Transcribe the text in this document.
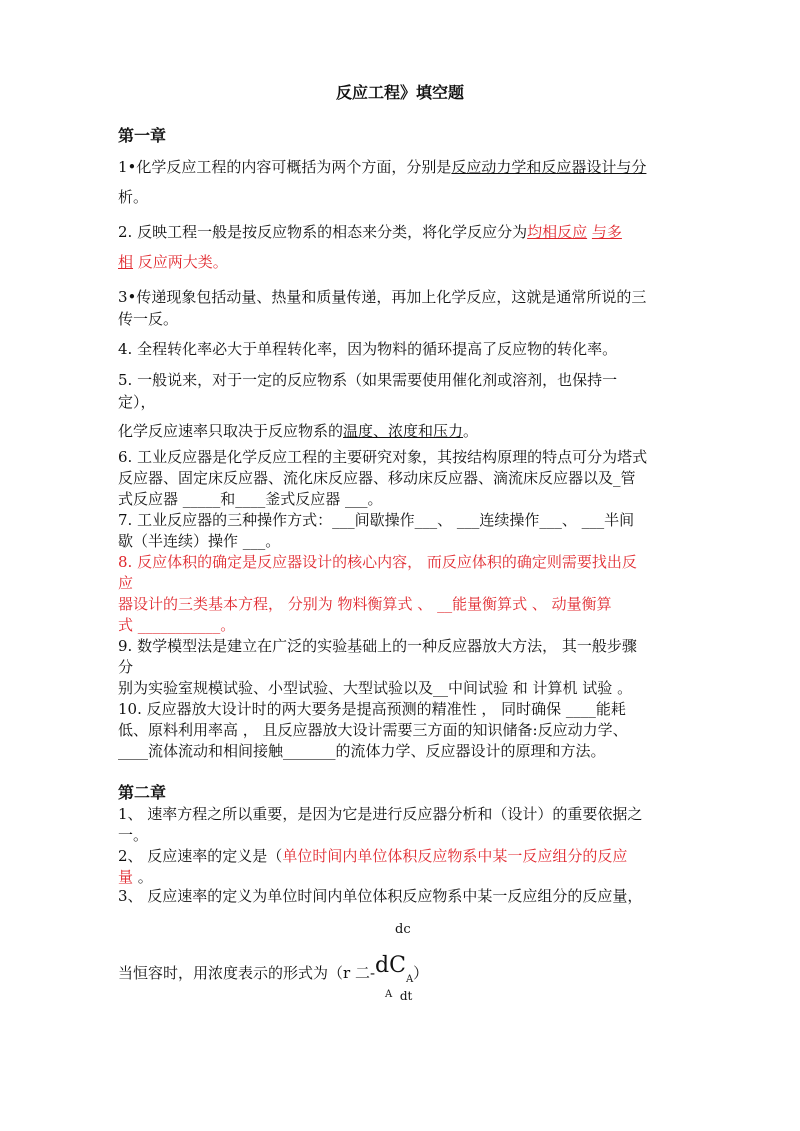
反应工程》填空题
第一章
1•化学反应工程的内容可概括为两个方面，分别是反应动力学和反应器设计与分
析。
2. 反映工程一般是按反应物系的相态来分类，将化学反应分为均相反应 与多
相 反应两大类。
3•传递现象包括动量、热量和质量传递，再加上化学反应，这就是通常所说的三
传一反。
4. 全程转化率必大于单程转化率，因为物料的循环提高了反应物的转化率。
5. 一般说来，对于一定的反应物系（如果需要使用催化剂或溶剂，也保持一
定），
化学反应速率只取决于反应物系的温度、浓度和压力。
6. 工业反应器是化学反应工程的主要研究对象，其按结构原理的特点可分为塔式
反应器、固定床反应器、流化床反应器、移动床反应器、滴流床反应器以及_管
式反应器 _____和____釜式反应器 ___。
7. 工业反应器的三种操作方式：___间歇操作___、 ___连续操作___、 ___半间
歇（半连续）操作 ___。
8. 反应体积的确定是反应器设计的核心内容， 而反应体积的确定则需要找出反
应
器设计的三类基本方程， 分别为 物料衡算式 、 __能量衡算式 、 动量衡算
式 ___________。
9. 数学模型法是建立在广泛的实验基础上的一种反应器放大方法， 其一般步骤
分
别为实验室规模试验、小型试验、大型试验以及__中间试验 和 计算机 试验 。
10. 反应器放大设计时的两大要务是提高预测的精准性 ， 同时确保 ____能耗
低、原料利用率高 ， 且反应器放大设计需要三方面的知识储备:反应动力学、
____流体流动和相间接触_______的流体力学、反应器设计的原理和方法。
第二章
1、 速率方程之所以重要，是因为它是进行反应器分析和（设计）的重要依据之
一。
2、 反应速率的定义是（单位时间内单位体积反应物系中某一反应组分的反应
量 。
3、 反应速率的定义为单位时间内单位体积反应物系中某一反应组分的反应量，
dc
当恒容时，用浓度表示的形式为（r 二$-dC_A$）
$^A$ dt
